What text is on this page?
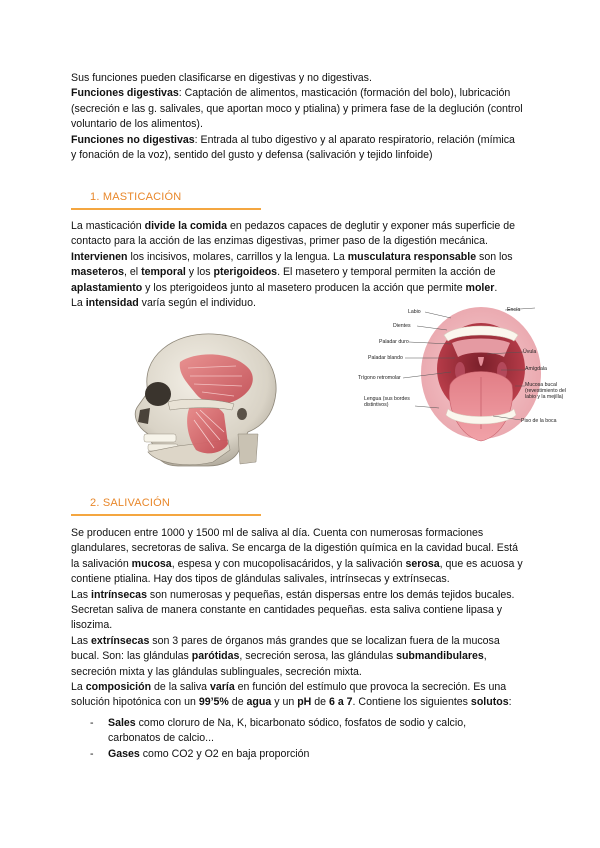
Sus funciones pueden clasificarse en digestivas y no digestivas.
Funciones digestivas: Captación de alimentos, masticación (formación del bolo), lubricación (secreción e las g. salivales, que aportan moco y ptialina) y primera fase de la deglución (control voluntario de los alimentos).
Funciones no digestivas: Entrada al tubo digestivo y al aparato respiratorio, relación (mímica y fonación de la voz), sentido del gusto y defensa (salivación y tejido linfoide)

1. MASTICACIÓN

La masticación divide la comida en pedazos capaces de deglutir y exponer más superficie de contacto para la acción de las enzimas digestivas, primer paso de la digestión mecánica. Intervienen los incisivos, molares, carrillos y la lengua. La musculatura responsable son los maseteros, el temporal y los pterigoideos. El masetero y temporal permiten la acción de aplastamiento y los pterigoideos junto al masetero producen la acción que permite moler.
La intensidad varía según el individuo.

Labio
Dientes
Paladar duro
Paladar blando
Trígono retromolar
Lengua (sus bordes distintivos)
Encía
Úvula
Amígdala
Mucosa bucal (revestimiento del labio y la mejilla)
Piso de la boca
2. SALIVACIÓN

Se producen entre 1000 y 1500 ml de saliva al día. Cuenta con numerosas formaciones glandulares, secretoras de saliva. Se encarga de la digestión química en la cavidad bucal. Está la salivación mucosa, espesa y con mucopolisacáridos, y la salivación serosa, que es acuosa y contiene ptialina. Hay dos tipos de glándulas salivales, intrínsecas y extrínsecas.
Las intrínsecas son numerosas y pequeñas, están dispersas entre los demás tejidos bucales. Secretan saliva de manera constante en cantidades pequeñas. esta saliva contiene lipasa y lisozima.
Las extrínsecas son 3 pares de órganos más grandes que se localizan fuera de la mucosa bucal. Son: las glándulas parótidas, secreción serosa, las glándulas submandibulares, secreción mixta y las glándulas sublinguales, secreción mixta.
La composición de la saliva varía en función del estímulo que provoca la secreción. Es una solución hipotónica con un 99’5% de agua y un pH de 6 a 7. Contiene los siguientes solutos:

- Sales como cloruro de Na, K, bicarbonato sódico, fosfatos de sodio y calcio, carbonatos de calcio...
- Gases como CO2 y O2 en baja proporción
